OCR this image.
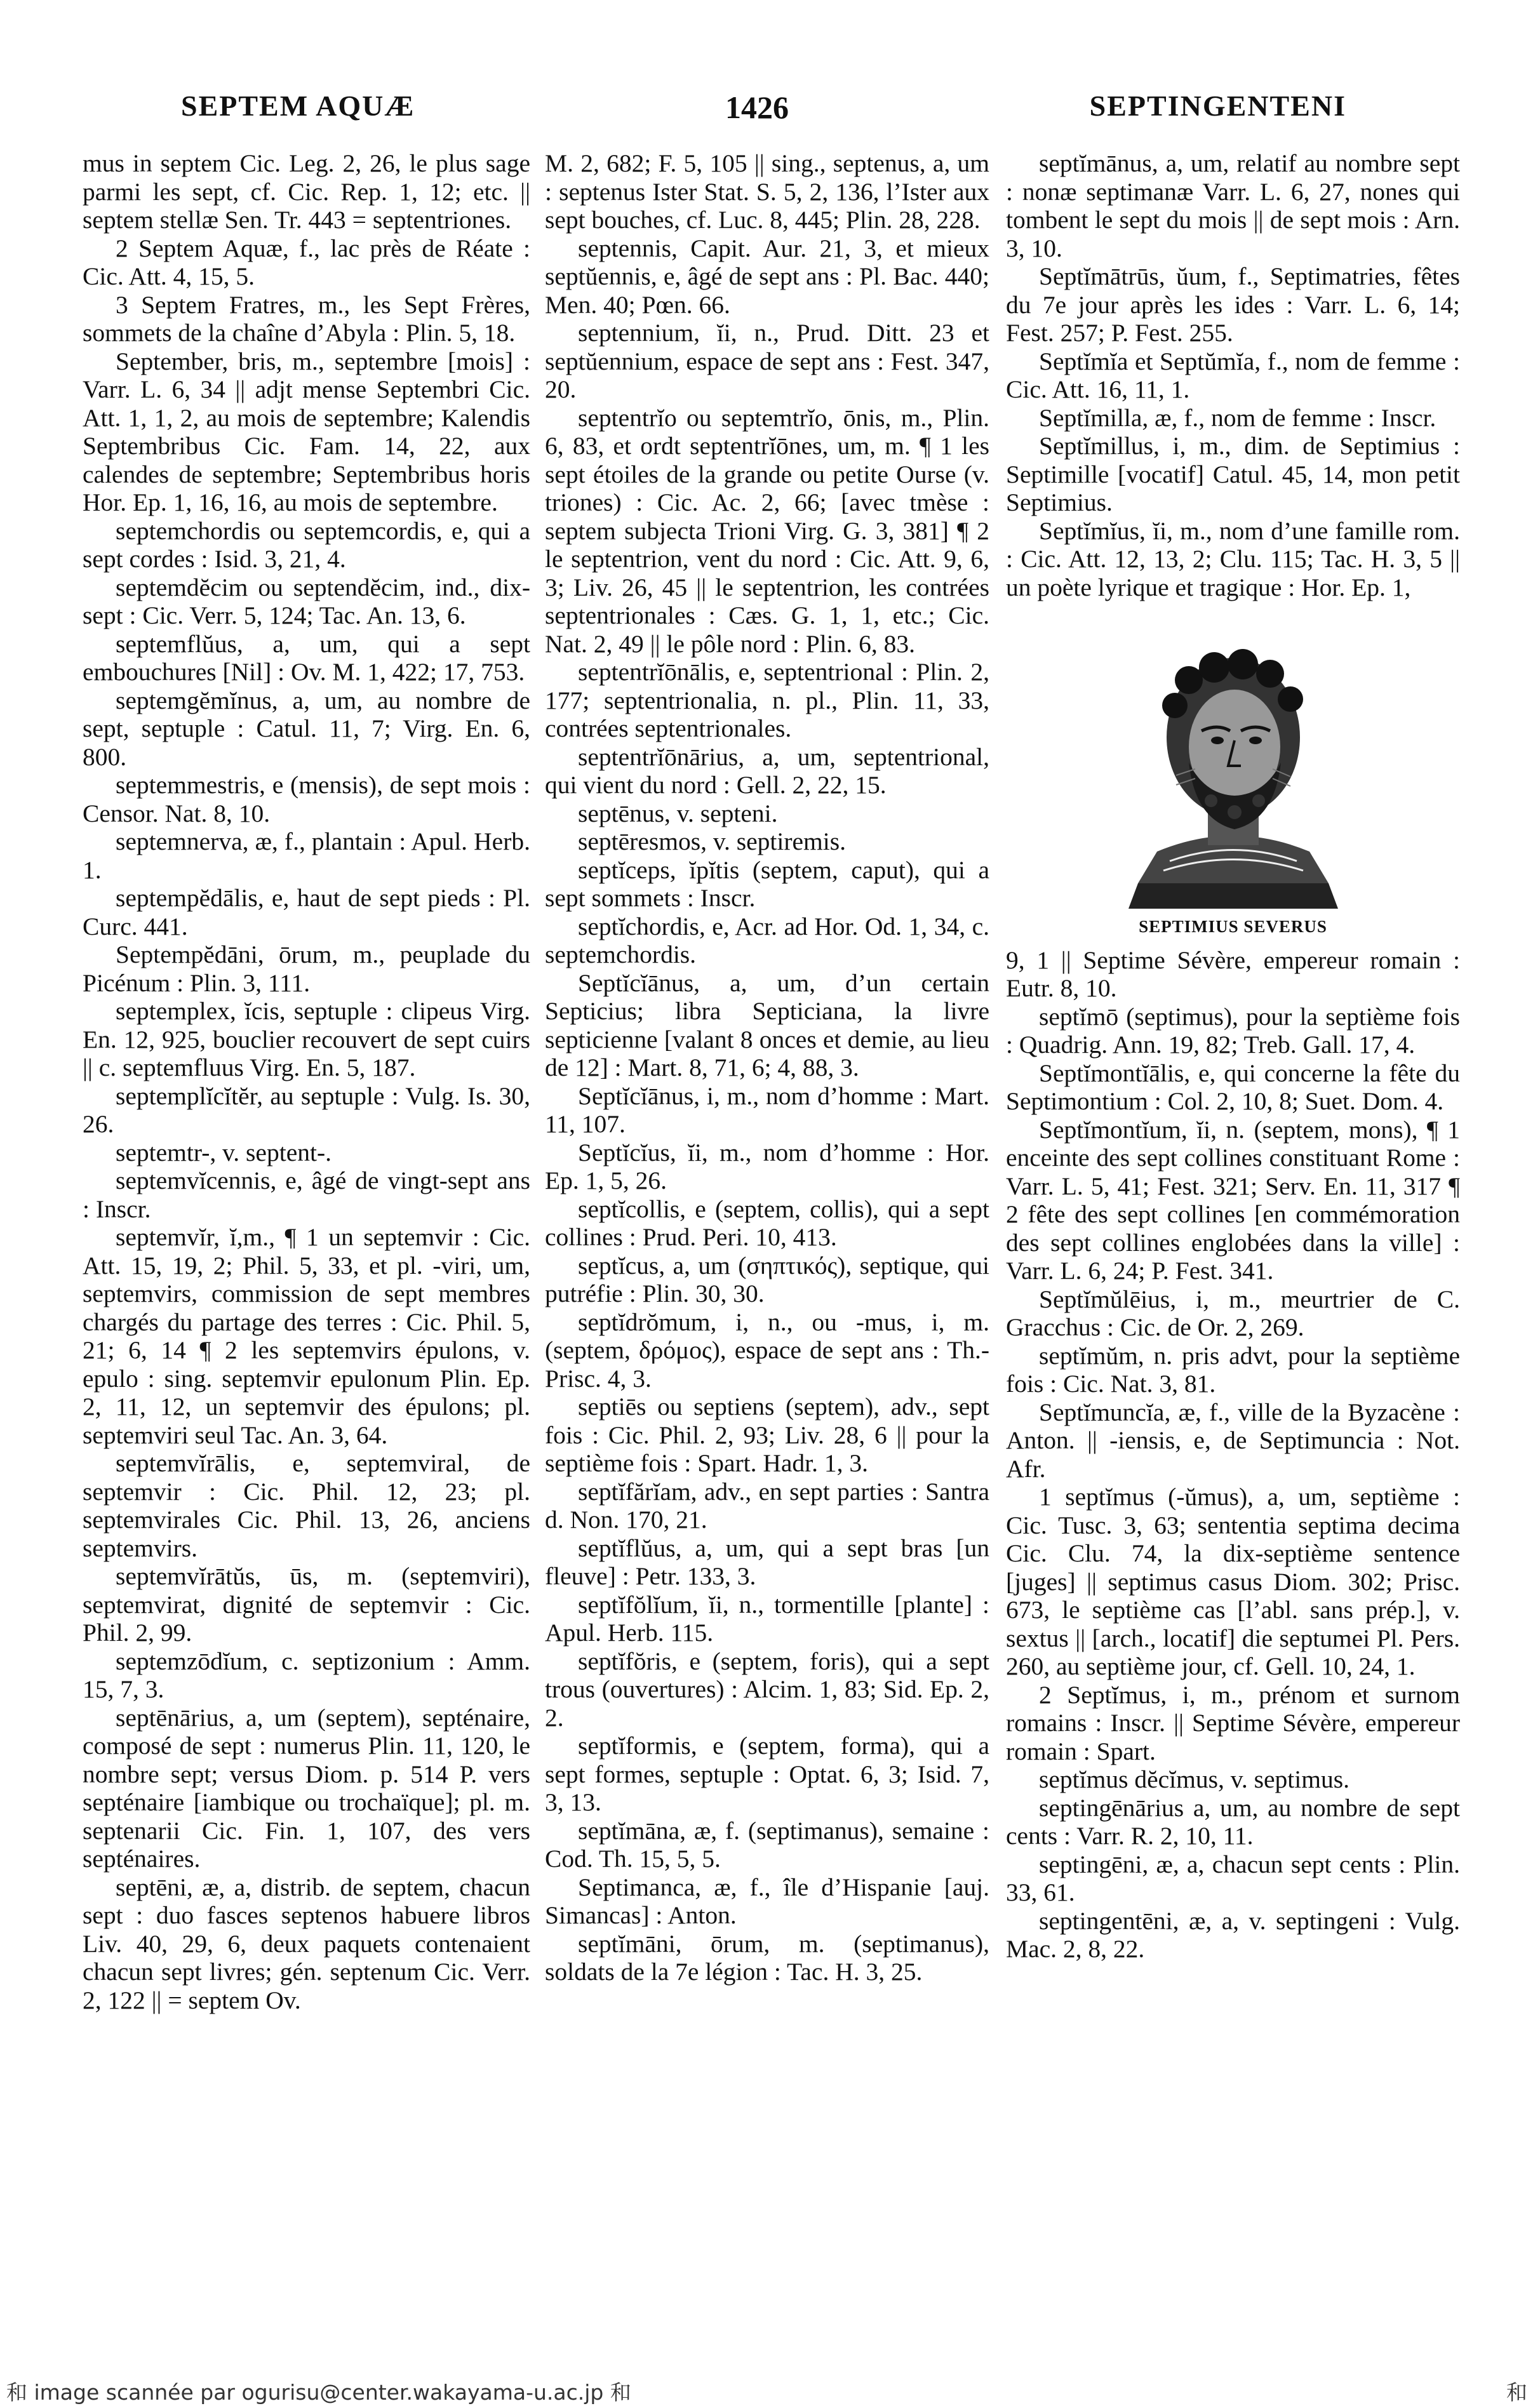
SEPTEM AQUÆ	1426	SEPTINGENTENI

mus in septem Cic. Leg. 2, 26, le plus sage parmi les sept, cf. Cic. Rep. 1, 12; etc. || septem stellæ Sen. Tr. 443 = septentriones.

2 Septem Aquæ, f., lac près de Réate : Cic. Att. 4, 15, 5.

3 Septem Fratres, m., les Sept Frères, sommets de la chaîne d’Abyla : Plin. 5, 18.

September, bris, m., septembre [mois] : Varr. L. 6, 34 || adjt mense Septembri Cic. Att. 1, 1, 2, au mois de septembre; Kalendis Septembribus Cic. Fam. 14, 22, aux calendes de septembre; Septembribus horis Hor. Ep. 1, 16, 16, au mois de septembre.

septemchordis ou septemcordis, e, qui a sept cordes : Isid. 3, 21, 4.

septemdĕcim ou septendĕcim, ind., dix-sept : Cic. Verr. 5, 124; Tac. An. 13, 6.

septemflŭus, a, um, qui a sept embouchures [Nil] : Ov. M. 1, 422; 17, 753.

septemgĕmĭnus, a, um, au nombre de sept, septuple : Catul. 11, 7; Virg. En. 6, 800.

septemmestris, e (mensis), de sept mois : Censor. Nat. 8, 10.

septemnerva, æ, f., plantain : Apul. Herb. 1.

septempĕdālis, e, haut de sept pieds : Pl. Curc. 441.

Septempĕdāni, ōrum, m., peuplade du Picénum : Plin. 3, 111.

septemplex, ĭcis, septuple : clipeus Virg. En. 12, 925, bouclier recouvert de sept cuirs || c. septemfluus Virg. En. 5, 187.

septemplĭcĭtĕr, au septuple : Vulg. Is. 30, 26.

septemtr-, v. septent-.

septemvĭcennis, e, âgé de vingt-sept ans : Inscr.

septemvĭr, ĭ,m., ¶ 1 un septemvir : Cic. Att. 15, 19, 2; Phil. 5, 33, et pl. -viri, um, septemvirs, commission de sept membres chargés du partage des terres : Cic. Phil. 5, 21; 6, 14 ¶ 2 les septemvirs épulons, v. epulo : sing. septemvir epulonum Plin. Ep. 2, 11, 12, un septemvir des épulons; pl. septemviri seul Tac. An. 3, 64.

septemvĭrālis, e, septemviral, de septemvir : Cic. Phil. 12, 23; pl. septemvirales Cic. Phil. 13, 26, anciens septemvirs.

septemvĭrātŭs, ūs, m. (septemviri), septemvirat, dignité de septemvir : Cic. Phil. 2, 99.

septemzōdĭum, c. septizonium : Amm. 15, 7, 3.

septēnārius, a, um (septem), septénaire, composé de sept : numerus Plin. 11, 120, le nombre sept; versus Diom. p. 514 P. vers septénaire [iambique ou trochaïque]; pl. m. septenarii Cic. Fin. 1, 107, des vers septénaires.

septēni, æ, a, distrib. de septem, chacun sept : duo fasces septenos habuere libros Liv. 40, 29, 6, deux paquets contenaient chacun sept livres; gén. septenum Cic. Verr. 2, 122 || = septem Ov.

M. 2, 682; F. 5, 105 || sing., septenus, a, um : septenus Ister Stat. S. 5, 2, 136, l’Ister aux sept bouches, cf. Luc. 8, 445; Plin. 28, 228.

septennis, Capit. Aur. 21, 3, et mieux septŭennis, e, âgé de sept ans : Pl. Bac. 440; Men. 40; Pœn. 66.

septennium, ĭi, n., Prud. Ditt. 23 et septŭennium, espace de sept ans : Fest. 347, 20.

septentrĭo ou septemtrĭo, ōnis, m., Plin. 6, 83, et ordt septentrĭōnes, um, m. ¶ 1 les sept étoiles de la grande ou petite Ourse (v. triones) : Cic. Ac. 2, 66; [avec tmèse : septem subjecta Trioni Virg. G. 3, 381] ¶ 2 le septentrion, vent du nord : Cic. Att. 9, 6, 3; Liv. 26, 45 || le septentrion, les contrées septentrionales : Cæs. G. 1, 1, etc.; Cic. Nat. 2, 49 || le pôle nord : Plin. 6, 83.

septentrĭōnālis, e, septentrional : Plin. 2, 177; septentrionalia, n. pl., Plin. 11, 33, contrées septentrionales.

septentrĭōnārius, a, um, septentrional, qui vient du nord : Gell. 2, 22, 15.

septēnus, v. septeni.

septēresmos, v. septiremis.

septĭceps, ĭpĭtis (septem, caput), qui a sept sommets : Inscr.

septĭchordis, e, Acr. ad Hor. Od. 1, 34, c. septemchordis.

Septĭcĭānus, a, um, d’un certain Septicius; libra Septiciana, la livre septicienne [valant 8 onces et demie, au lieu de 12] : Mart. 8, 71, 6; 4, 88, 3.

Septĭcĭānus, i, m., nom d’homme : Mart. 11, 107.

Septĭcĭus, ĭi, m., nom d’homme : Hor. Ep. 1, 5, 26.

septĭcollis, e (septem, collis), qui a sept collines : Prud. Peri. 10, 413.

septĭcus, a, um (σηπτικός), septique, qui putréfie : Plin. 30, 30.

septĭdrŏmum, i, n., ou -mus, i, m. (septem, δρόμος), espace de sept ans : Th.-Prisc. 4, 3.

septiēs ou septiens (septem), adv., sept fois : Cic. Phil. 2, 93; Liv. 28, 6 || pour la septième fois : Spart. Hadr. 1, 3.

septĭfărĭam, adv., en sept parties : Santra d. Non. 170, 21.

septĭflŭus, a, um, qui a sept bras [un fleuve] : Petr. 133, 3.

septĭfŏlĭum, ĭi, n., tormentille [plante] : Apul. Herb. 115.

septĭfŏris, e (septem, foris), qui a sept trous (ouvertures) : Alcim. 1, 83; Sid. Ep. 2, 2.

septĭformis, e (septem, forma), qui a sept formes, septuple : Optat. 6, 3; Isid. 7, 3, 13.

septĭmāna, æ, f. (septimanus), semaine : Cod. Th. 15, 5, 5.

Septimanca, æ, f., île d’Hispanie [auj. Simancas] : Anton.

septĭmāni, ōrum, m. (septimanus), soldats de la 7e légion : Tac. H. 3, 25.

septĭmānus, a, um, relatif au nombre sept : nonæ septimanæ Varr. L. 6, 27, nones qui tombent le sept du mois || de sept mois : Arn. 3, 10.

Septĭmātrūs, ŭum, f., Septimatries, fêtes du 7e jour après les ides : Varr. L. 6, 14; Fest. 257; P. Fest. 255.

Septĭmĭa et Septŭmĭa, f., nom de femme : Cic. Att. 16, 11, 1.

Septĭmilla, æ, f., nom de femme : Inscr.

Septĭmillus, i, m., dim. de Septimius : Septimille [vocatif] Catul. 45, 14, mon petit Septimius.

Septĭmĭus, ĭi, m., nom d’une famille rom. : Cic. Att. 12, 13, 2; Clu. 115; Tac. H. 3, 5 || un poète lyrique et tragique : Hor. Ep. 1,

SEPTIMIUS SEVERUS

9, 1 || Septime Sévère, empereur romain : Eutr. 8, 10.

septĭmō (septimus), pour la septième fois : Quadrig. Ann. 19, 82; Treb. Gall. 17, 4.

Septĭmontĭālis, e, qui concerne la fête du Septimontium : Col. 2, 10, 8; Suet. Dom. 4.

Septĭmontĭum, ĭi, n. (septem, mons), ¶ 1 enceinte des sept collines constituant Rome : Varr. L. 5, 41; Fest. 321; Serv. En. 11, 317 ¶ 2 fête des sept collines [en commémoration des sept collines englobées dans la ville] : Varr. L. 6, 24; P. Fest. 341.

Septĭmŭlēius, i, m., meurtrier de C. Gracchus : Cic. de Or. 2, 269.

septĭmŭm, n. pris advt, pour la septième fois : Cic. Nat. 3, 81.

Septĭmuncĭa, æ, f., ville de la Byzacène : Anton. || -iensis, e, de Septimuncia : Not. Afr.

1 septĭmus (-ŭmus), a, um, septième : Cic. Tusc. 3, 63; sententia septima decima Cic. Clu. 74, la dix-septième sentence [juges] || septimus casus Diom. 302; Prisc. 673, le septième cas [l’abl. sans prép.], v. sextus || [arch., locatif] die septumei Pl. Pers. 260, au septième jour, cf. Gell. 10, 24, 1.

2 Septĭmus, i, m., prénom et surnom romains : Inscr. || Septime Sévère, empereur romain : Spart.

septĭmus dĕcĭmus, v. septimus.

septingēnārius a, um, au nombre de sept cents : Varr. R. 2, 10, 11.

septingēni, æ, a, chacun sept cents : Plin. 33, 61.

septingentēni, æ, a, v. septingeni : Vulg. Mac. 2, 8, 22.

和 image scannée par ogurisu@center.wakayama-u.ac.jp 和	和
